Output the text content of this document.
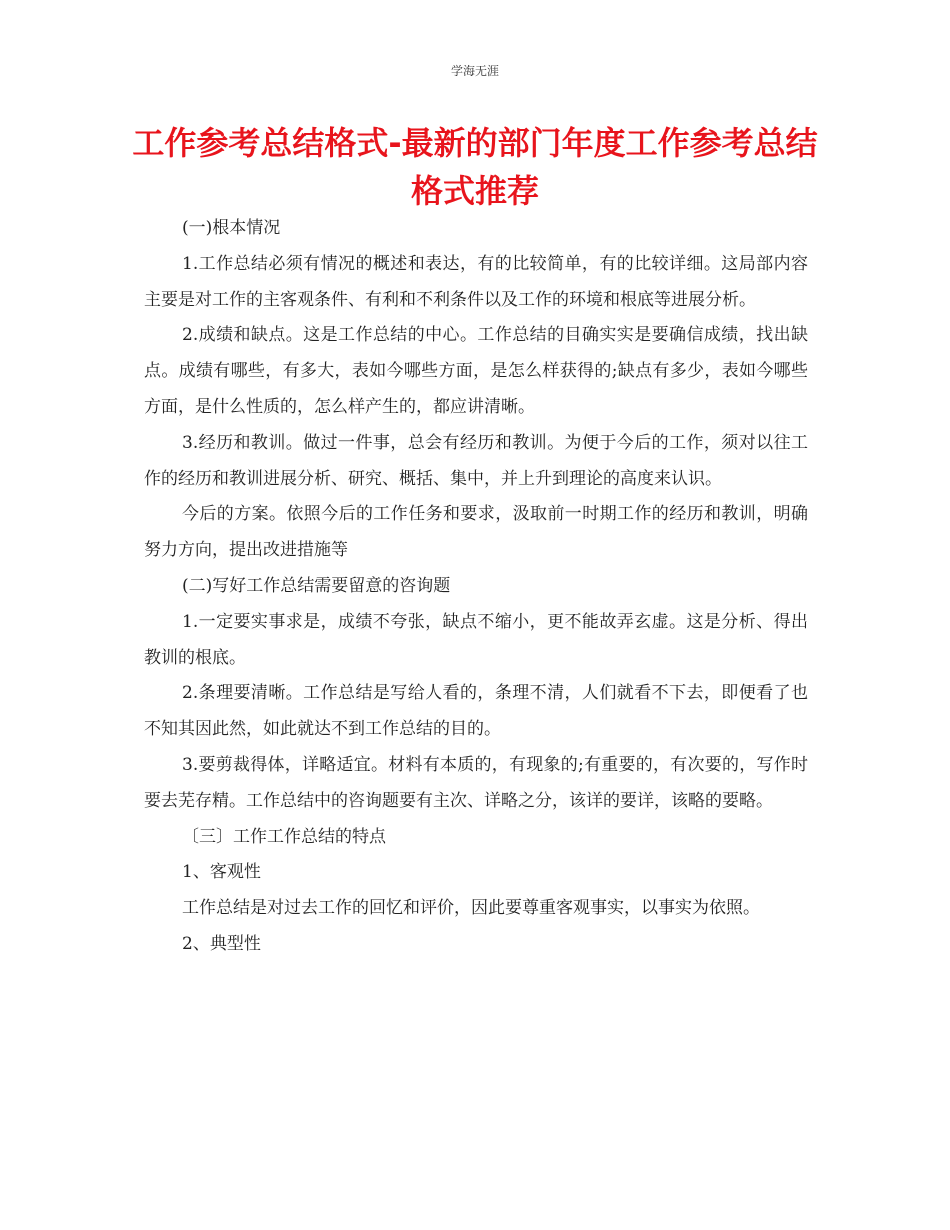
学海无涯
工作参考总结格式-最新的部门年度工作参考总结格式推荐

(一)根本情况

1.工作总结必须有情况的概述和表达，有的比较简单，有的比较详细。这局部内容主要是对工作的主客观条件、有利和不利条件以及工作的环境和根底等进展分析。

2.成绩和缺点。这是工作总结的中心。工作总结的目确实实是要确信成绩，找出缺点。成绩有哪些，有多大，表如今哪些方面，是怎么样获得的;缺点有多少，表如今哪些方面，是什么性质的，怎么样产生的，都应讲清晰。

3.经历和教训。做过一件事，总会有经历和教训。为便于今后的工作，须对以往工作的经历和教训进展分析、研究、概括、集中，并上升到理论的高度来认识。

今后的方案。依照今后的工作任务和要求，汲取前一时期工作的经历和教训，明确努力方向，提出改进措施等

(二)写好工作总结需要留意的咨询题

1.一定要实事求是，成绩不夸张，缺点不缩小，更不能故弄玄虚。这是分析、得出教训的根底。

2.条理要清晰。工作总结是写给人看的，条理不清，人们就看不下去，即便看了也不知其因此然，如此就达不到工作总结的目的。

3.要剪裁得体，详略适宜。材料有本质的，有现象的;有重要的，有次要的，写作时要去芜存精。工作总结中的咨询题要有主次、详略之分，该详的要详，该略的要略。

〔三〕工作工作总结的特点

1、客观性

工作总结是对过去工作的回忆和评价，因此要尊重客观事实，以事实为依照。

2、典型性
